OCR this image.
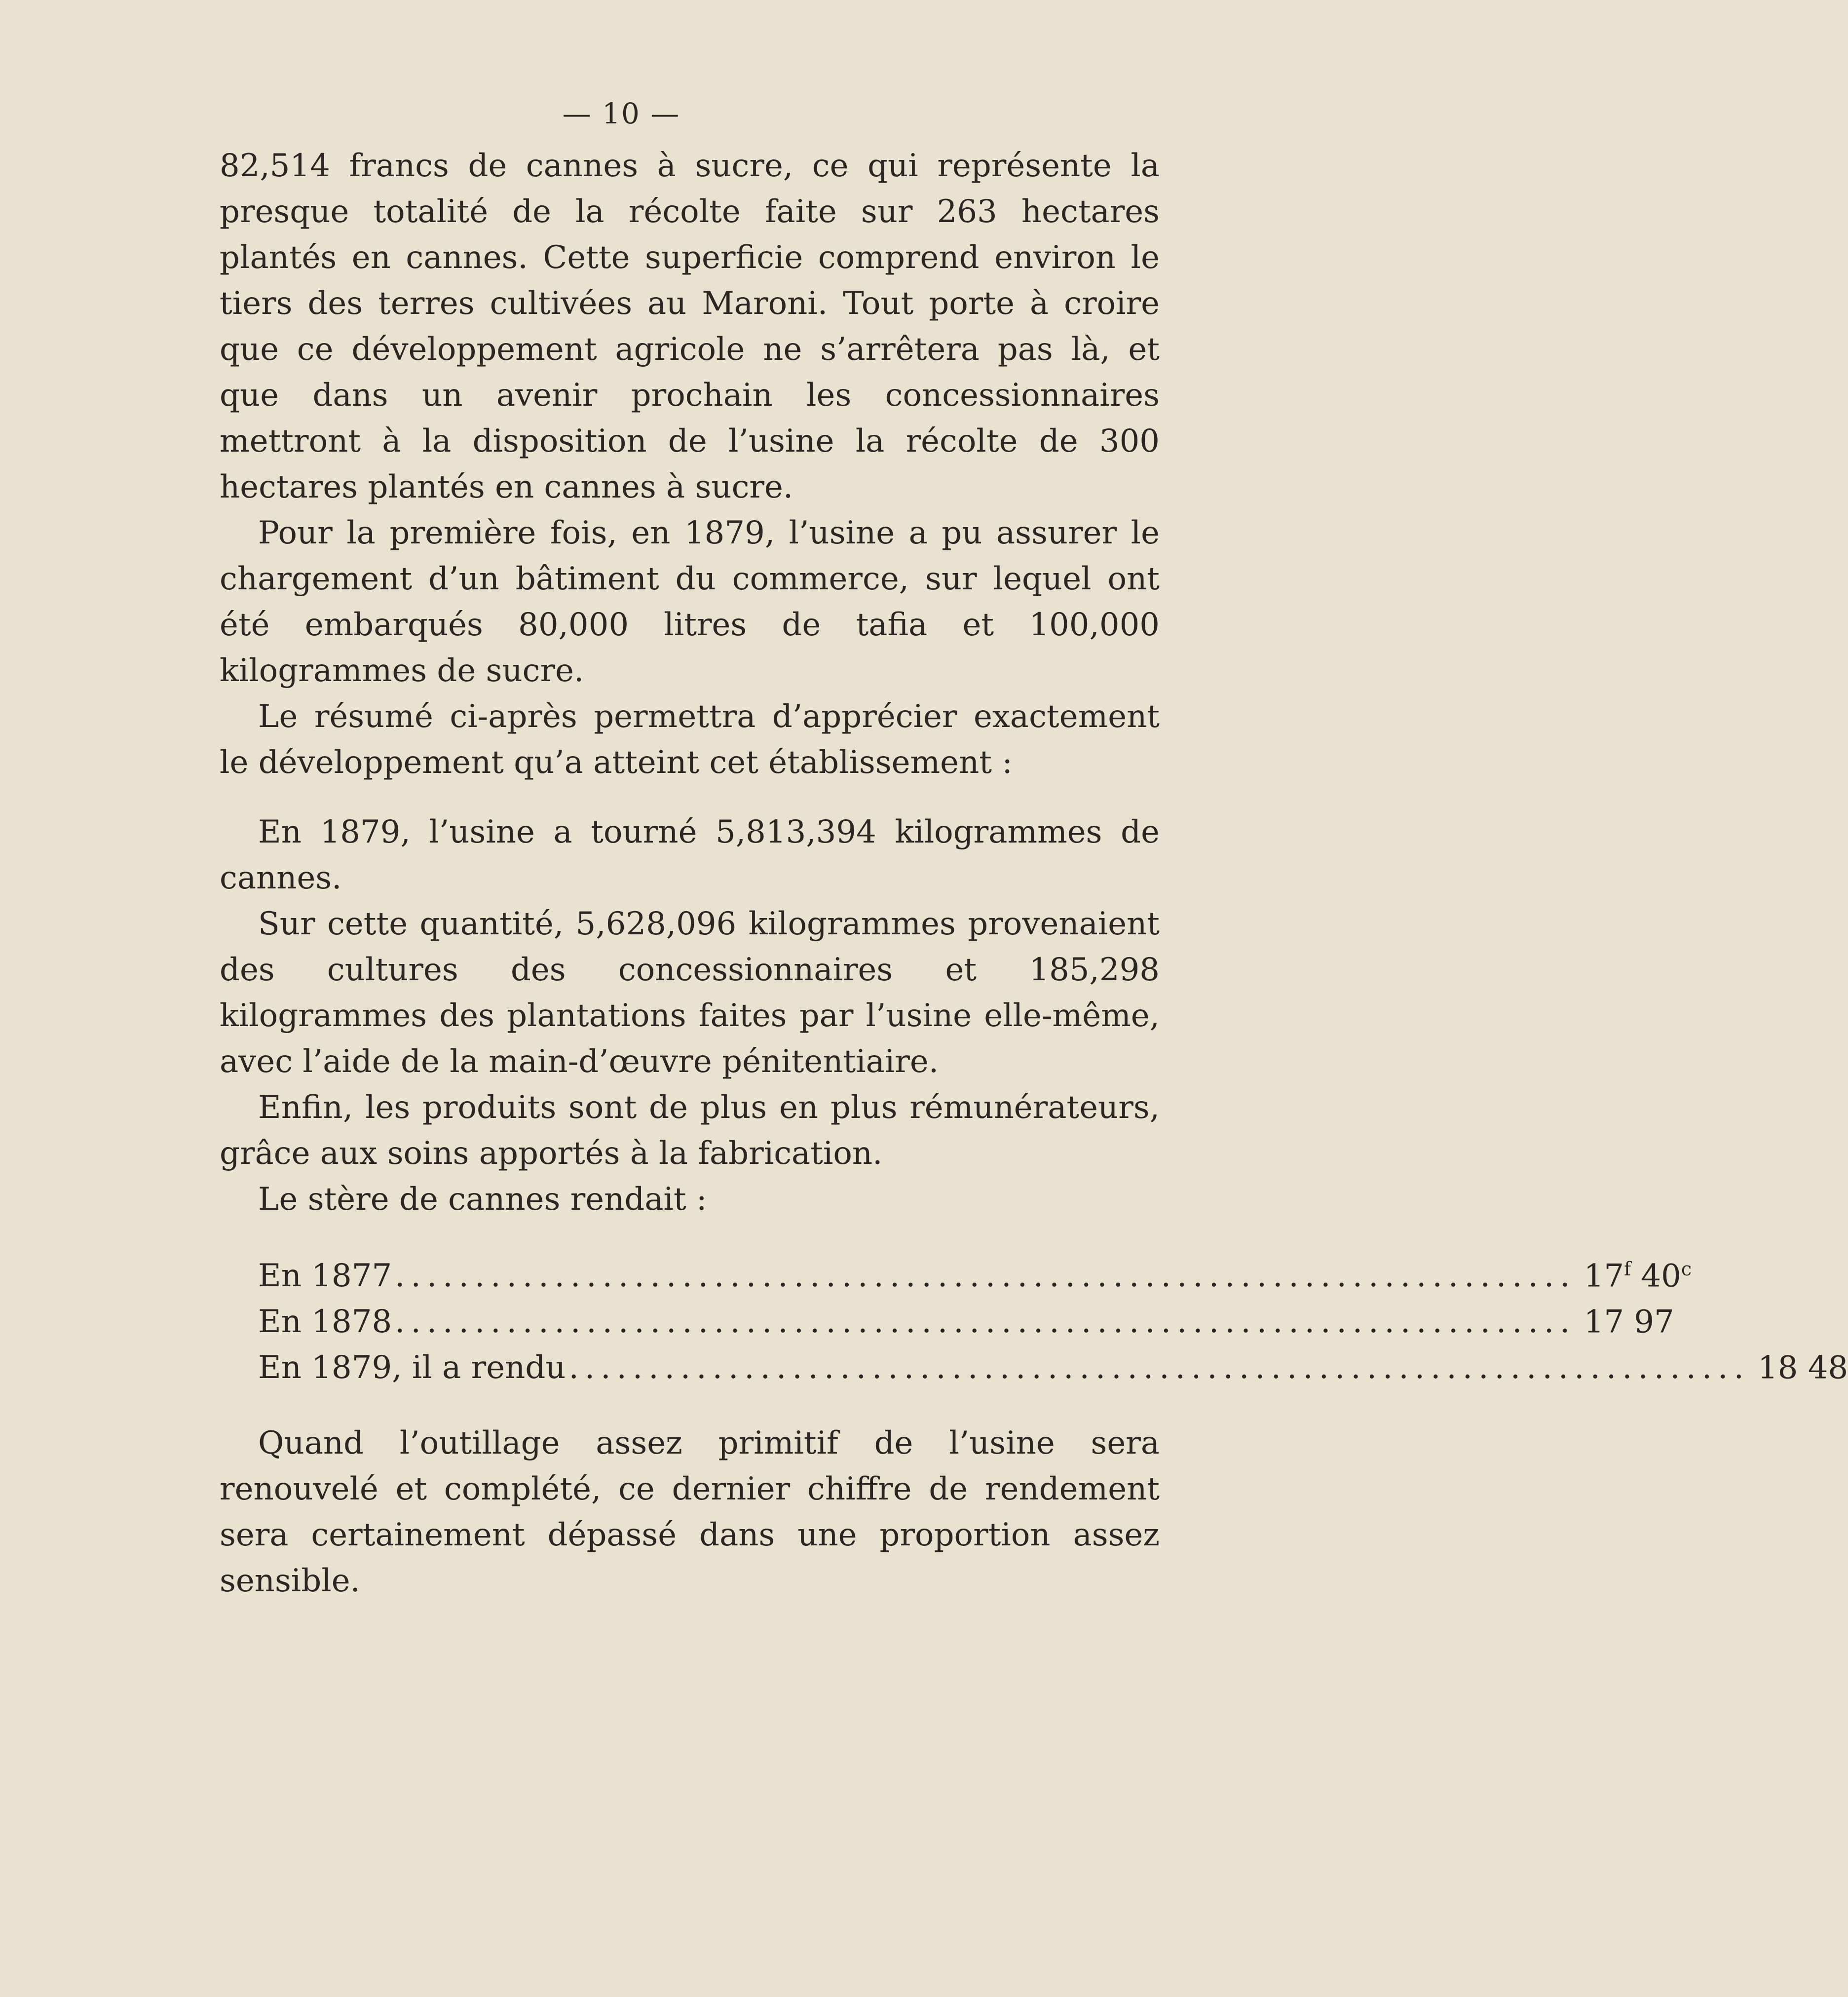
— 10 —

82,514 francs de cannes à sucre, ce qui représente la presque totalité de la récolte faite sur 263 hectares plantés en cannes. Cette superficie comprend environ le tiers des terres cultivées au Maroni. Tout porte à croire que ce développement agricole ne s’arrêtera pas là, et que dans un avenir prochain les concessionnaires mettront à la disposition de l’usine la récolte de 300 hectares plantés en cannes à sucre.

Pour la première fois, en 1879, l’usine a pu assurer le chargement d’un bâtiment du commerce, sur lequel ont été embarqués 80,000 litres de tafia et 100,000 kilogrammes de sucre.

Le résumé ci-après permettra d’apprécier exactement le développement qu’a atteint cet établissement :

En 1879, l’usine a tourné 5,813,394 kilogrammes de cannes.

Sur cette quantité, 5,628,096 kilogrammes provenaient des cultures des concessionnaires et 185,298 kilogrammes des plantations faites par l’usine elle-même, avec l’aide de la main-d’œuvre pénitentiaire.

Enfin, les produits sont de plus en plus rémunérateurs, grâce aux soins apportés à la fabrication.

Le stère de cannes rendait :

En 1877 .......................................................................... 17$^f$ 40$^c$
En 1878 .......................................................................... 17 97
En 1879, il a rendu .......................................................................... 18 48

Quand l’outillage assez primitif de l’usine sera renouvelé et complété, ce dernier chiffre de rendement sera certainement dépassé dans une proportion assez sensible.
